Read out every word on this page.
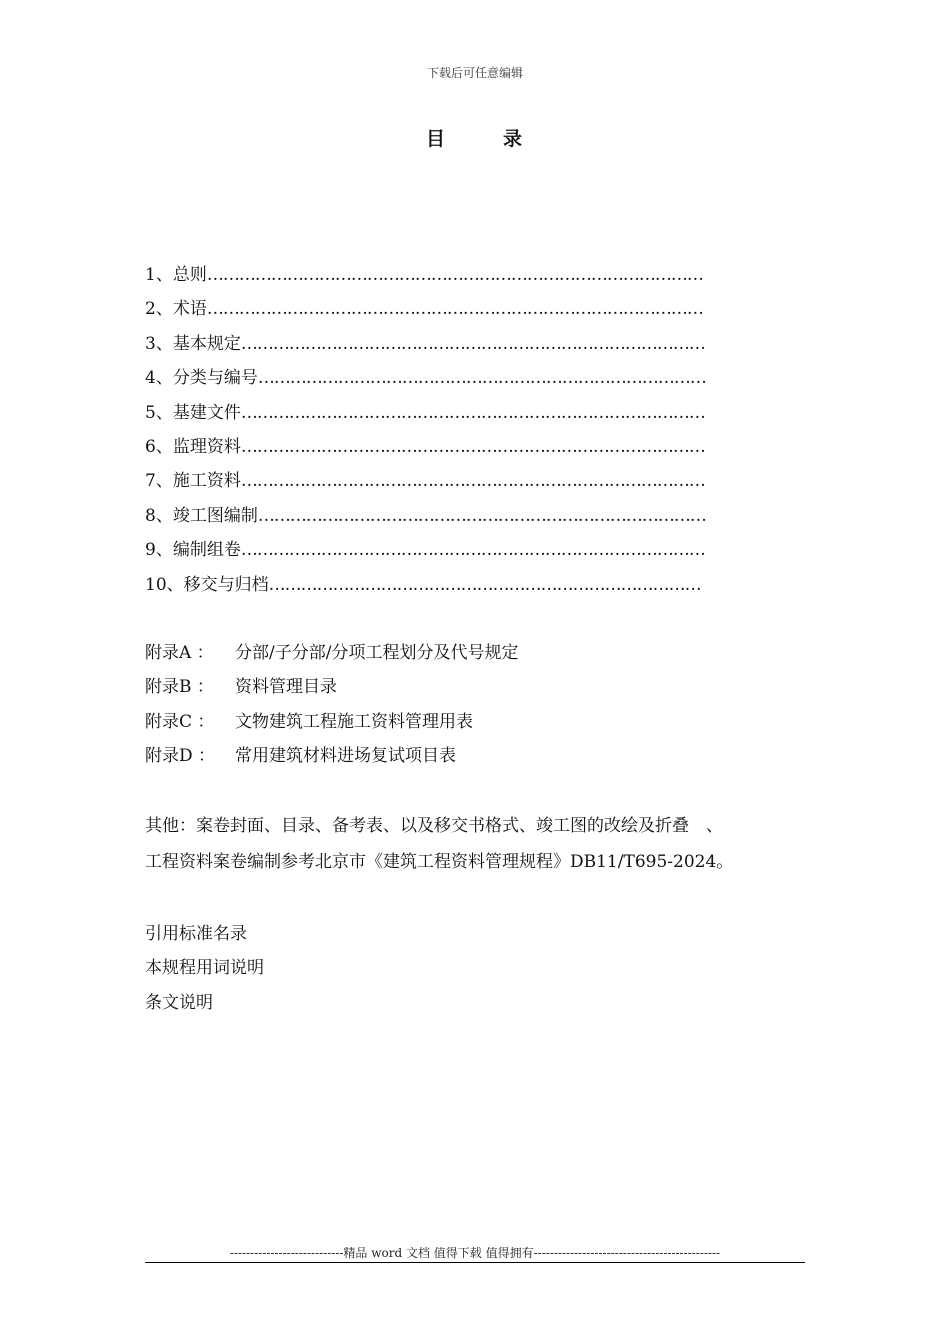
下载后可任意编辑
目	录
1、总则…………………………………………………………………………………
2、术语…………………………………………………………………………………
3、基本规定……………………………………………………………………………
4、分类与编号…………………………………………………………………………
5、基建文件……………………………………………………………………………
6、监理资料……………………………………………………………………………
7、施工资料……………………………………………………………………………
8、竣工图编制…………………………………………………………………………
9、编制组卷……………………………………………………………………………
10、移交与归档………………………………………………………………………
附录A ： 分部/子分部/分项工程划分及代号规定
附录B ： 资料管理目录
附录C ： 文物建筑工程施工资料管理用表
附录D ： 常用建筑材料进场复试项目表

其他：案卷封面、目录、备考表、以及移交书格式、竣工图的改绘及折叠　、

工程资料案卷编制参考北京市《建筑工程资料管理规程》DB11/T695-2024。

引用标准名录
本规程用词说明
条文说明
----------------------------精品 word 文档 值得下载 值得拥有----------------------------------------------
